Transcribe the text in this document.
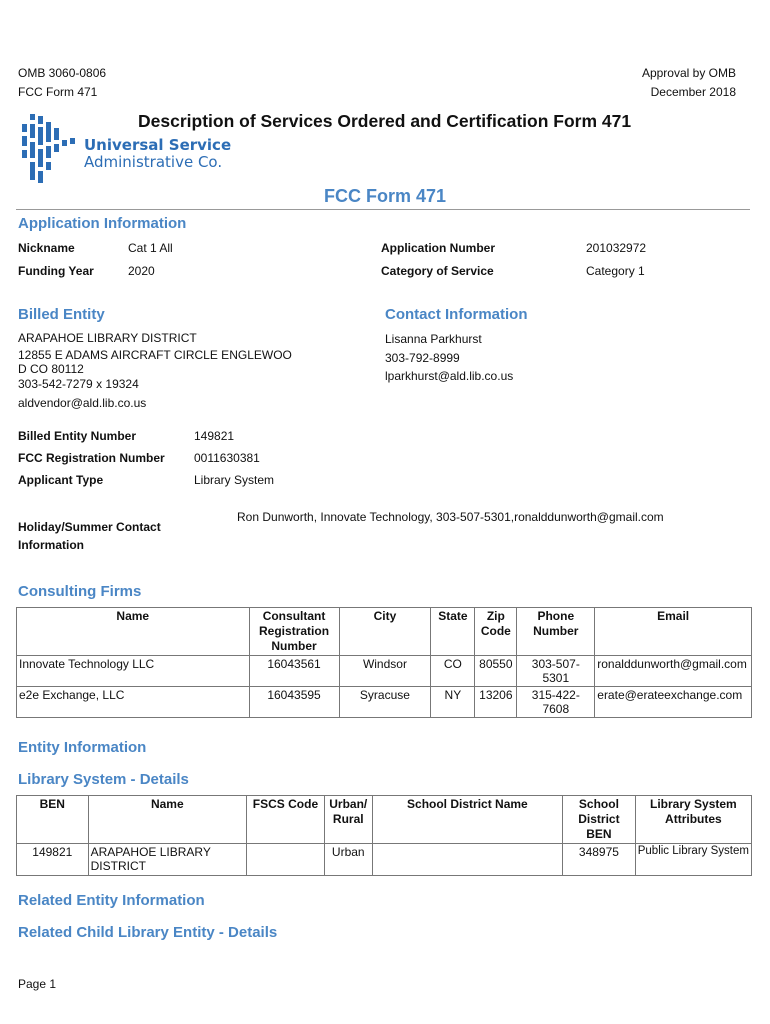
OMB 3060-0806
FCC Form 471
Approval by OMB
December 2018
Universal Service
Administrative Co.
Description of Services Ordered and Certification Form 471
FCC Form 471
Application Information
Nickname	Cat 1 All
Funding Year	2020
Application Number	201032972
Category of Service	Category 1
Billed Entity
ARAPAHOE LIBRARY DISTRICT
12855 E ADAMS AIRCRAFT CIRCLE ENGLEWOO
D CO 80112
303-542-7279 x 19324
aldvendor@ald.lib.co.us
Contact Information
Lisanna Parkhurst
303-792-8999
lparkhurst@ald.lib.co.us
Billed Entity Number	149821
FCC Registration Number 0011630381
Applicant Type	Library System
Holiday/Summer Contact
Information
Ron Dunworth, Innovate Technology, 303-507-5301,ronalddunworth@gmail.com
Consulting Firms
Name	Consultant Registration Number	City	State	Zip Code	Phone Number	Email
Innovate Technology LLC	16043561	Windsor	CO	80550	303-507-5301	ronalddunworth@gmail.com
e2e Exchange, LLC	16043595	Syracuse	NY	13206	315-422-7608	erate@erateexchange.com
Entity Information
Library System - Details
BEN	Name	FSCS Code	Urban/ Rural	School District Name	School District BEN	Library System Attributes
149821	ARAPAHOE LIBRARY DISTRICT		Urban		348975	Public Library System
Related Entity Information
Related Child Library Entity - Details
Page 1
